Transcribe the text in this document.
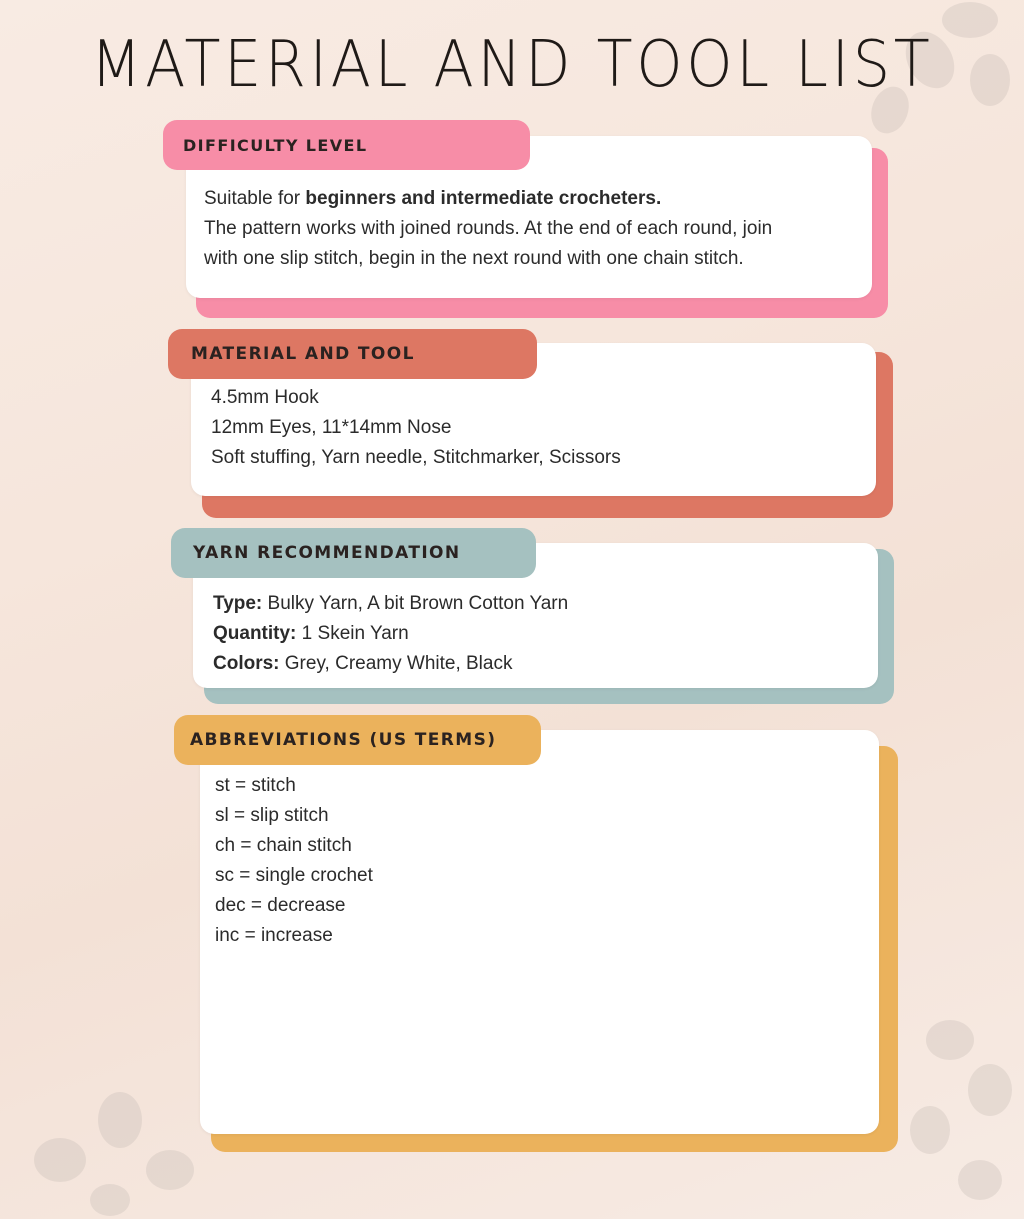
MATERIAL AND TOOL LIST
Suitable for beginners and intermediate crocheters.
The pattern works with joined rounds. At the end of each round, join
with one slip stitch, begin in the next round with one chain stitch.
DIFFICULTY LEVEL
4.5mm Hook
12mm Eyes, 11*14mm Nose
Soft stuffing, Yarn needle, Stitchmarker, Scissors
MATERIAL AND TOOL
Type: Bulky Yarn, A bit Brown Cotton Yarn
Quantity: 1 Skein Yarn
Colors: Grey, Creamy White, Black
YARN RECOMMENDATION
st = stitch
sl = slip stitch
ch = chain stitch
sc = single crochet
dec = decrease
inc = increase
ABBREVIATIONS (US TERMS)
